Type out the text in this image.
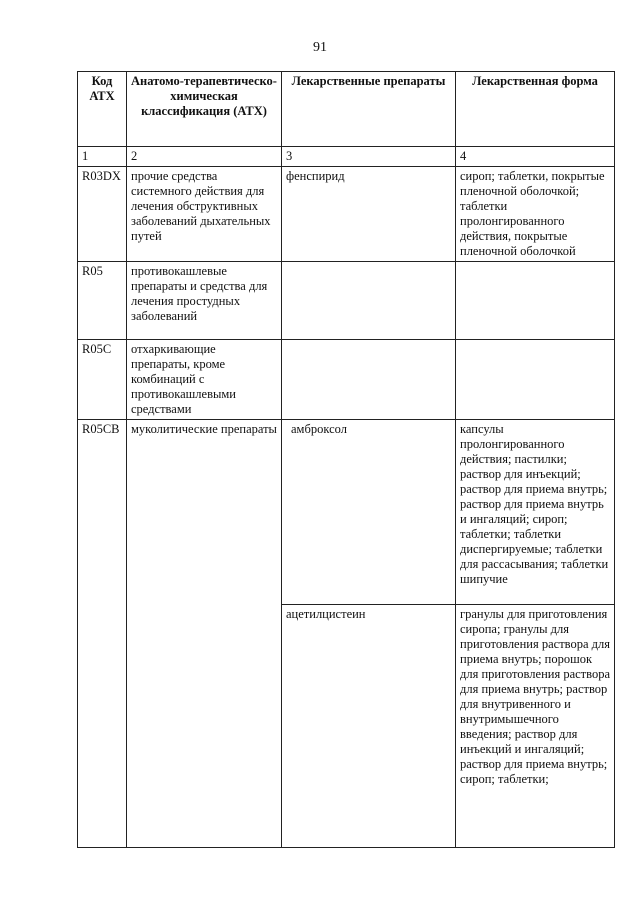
91
Код АТХ	Анатомо-терапевтическо-химическая классификация (АТХ)	Лекарственные препараты	Лекарственная форма
1	2	3	4
R03DX	прочие средства системного действия для лечения обструктивных заболеваний дыхательных путей	фенспирид	сироп; таблетки, покрытые пленочной оболочкой; таблетки пролонгированного действия, покрытые пленочной оболочкой
R05	противокашлевые препараты и средства для лечения простудных заболеваний		
R05C	отхаркивающие препараты, кроме комбинаций с противокашлевыми средствами		
R05CB	муколитические препараты	амброксол	капсулы пролонгированного действия; пастилки; раствор для инъекций; раствор для приема внутрь; раствор для приема внутрь и ингаляций; сироп; таблетки; таблетки диспергируемые; таблетки для рассасывания; таблетки шипучие
		ацетилцистеин	гранулы для приготовления сиропа; гранулы для приготовления раствора для приема внутрь; порошок для приготовления раствора для приема внутрь; раствор для внутривенного и внутримышечного введения; раствор для инъекций и ингаляций; раствор для приема внутрь; сироп; таблетки;
